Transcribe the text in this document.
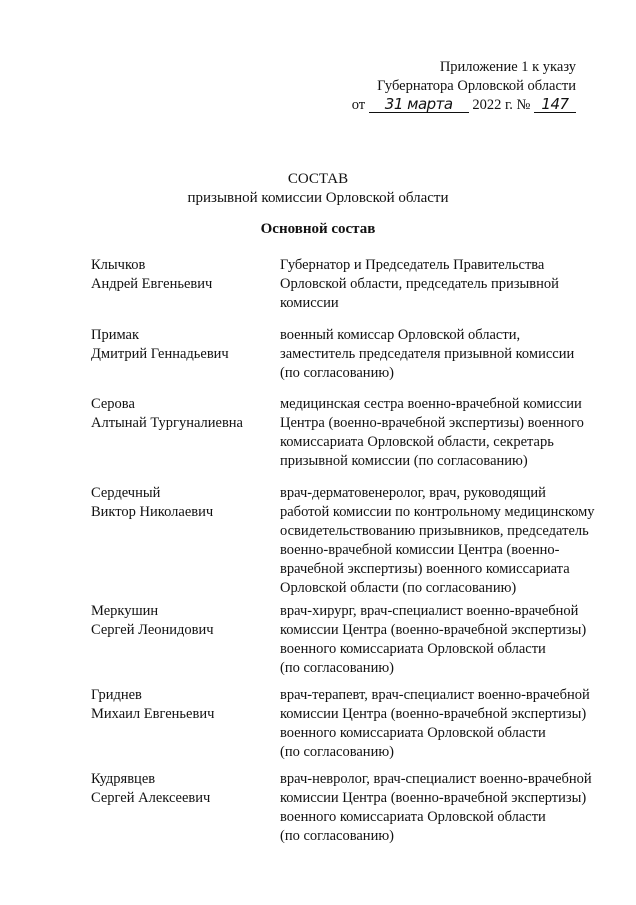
Приложение 1 к указу
Губернатора Орловской области
от 31 марта 2022 г. № 147
СОСТАВ
призывной комиссии Орловской области
Основной состав
Клычков
Андрей Евгеньевич
Губернатор и Председатель Правительства
Орловской области, председатель призывной
комиссии
Примак
Дмитрий Геннадьевич
военный комиссар Орловской области,
заместитель председателя призывной комиссии
(по согласованию)
Серова
Алтынай Тургуналиевна
медицинская сестра военно-врачебной комиссии
Центра (военно-врачебной экспертизы) военного
комиссариата Орловской области, секретарь
призывной комиссии (по согласованию)
Сердечный
Виктор Николаевич
врач-дерматовенеролог, врач, руководящий
работой комиссии по контрольному медицинскому
освидетельствованию призывников, председатель
военно-врачебной комиссии Центра (военно-
врачебной экспертизы) военного комиссариата
Орловской области (по согласованию)
Меркушин
Сергей Леонидович
врач-хирург, врач-специалист военно-врачебной
комиссии Центра (военно-врачебной экспертизы)
военного комиссариата Орловской области
(по согласованию)
Гриднев
Михаил Евгеньевич
врач-терапевт, врач-специалист военно-врачебной
комиссии Центра (военно-врачебной экспертизы)
военного комиссариата Орловской области
(по согласованию)
Кудрявцев
Сергей Алексеевич
врач-невролог, врач-специалист военно-врачебной
комиссии Центра (военно-врачебной экспертизы)
военного комиссариата Орловской области
(по согласованию)
